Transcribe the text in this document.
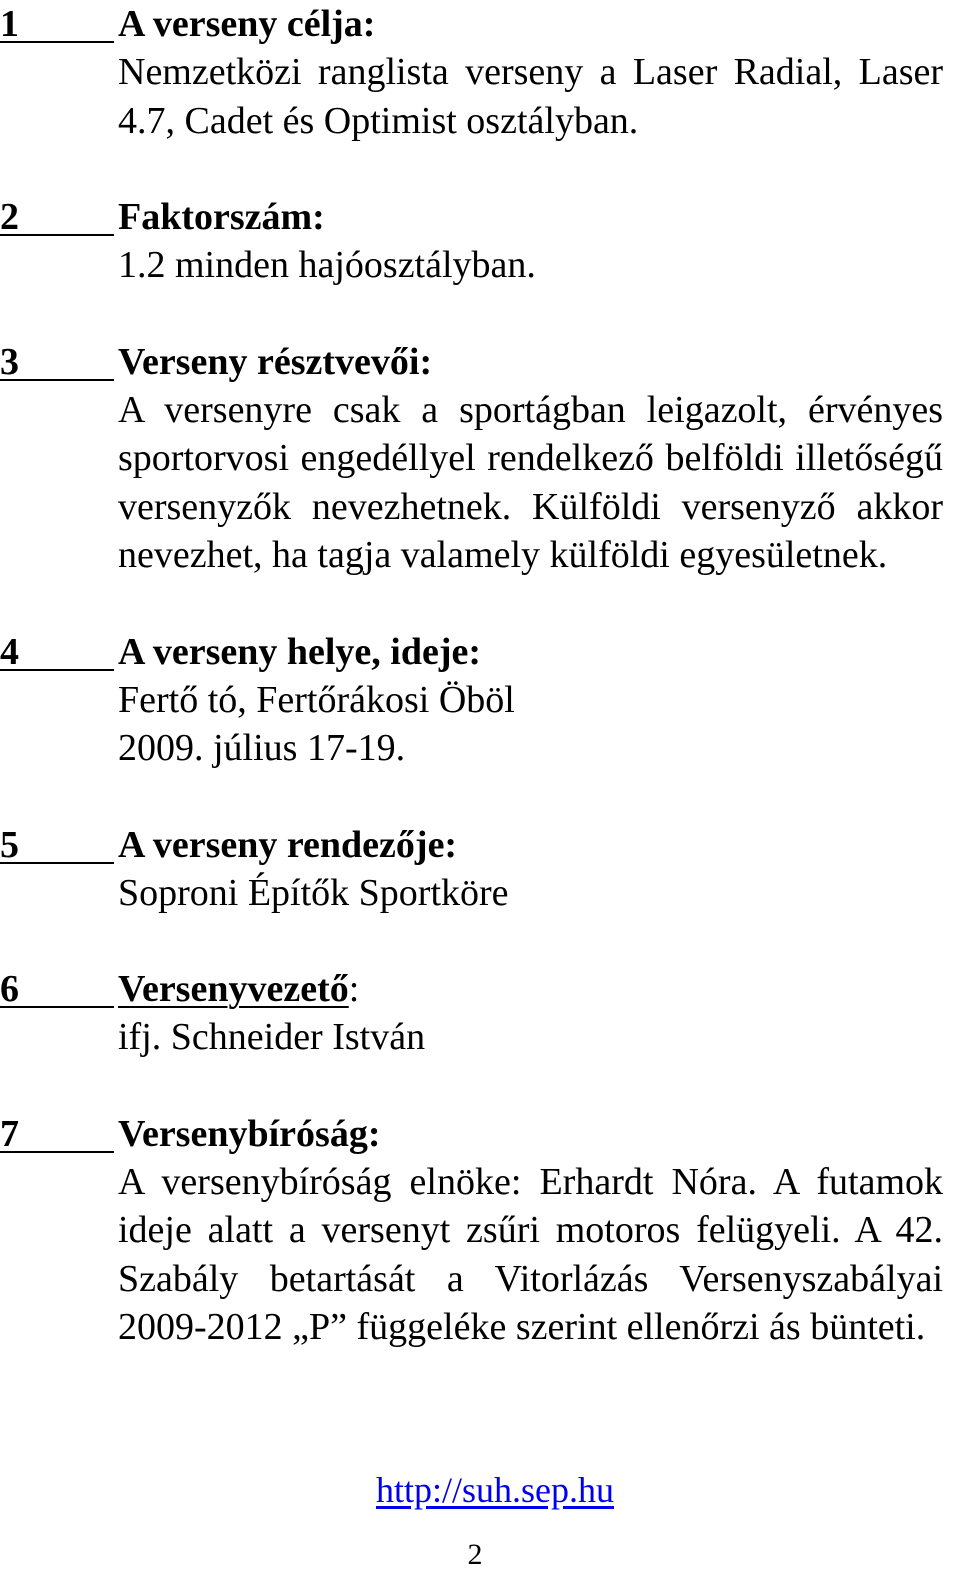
1	A verseny célja:
Nemzetközi ranglista verseny a Laser Radial, Laser 4.7, Cadet és Optimist osztályban.
2	Faktorszám:
1.2 minden hajóosztályban.
3	Verseny résztvevői:
A versenyre csak a sportágban leigazolt, érvényes sportorvosi engedéllyel rendelkező belföldi illetőségű versenyzők nevezhetnek. Külföldi versenyző akkor nevezhet, ha tagja valamely külföldi egyesületnek.
4	A verseny helye, ideje:
Fertő tó, Fertőrákosi Öböl
2009. július 17-19.
5	A verseny rendezője:
Soproni Építők Sportköre
6	Versenyvezető:
ifj. Schneider István
7	Versenybíróság:
A versenybíróság elnöke: Erhardt Nóra. A futamok ideje alatt a versenyt zsűri motoros felügyeli. A 42. Szabály betartását a Vitorlázás Versenyszabályai 2009-2012 „P” függeléke szerint ellenőrzi ás bünteti.
http://suh.sep.hu
2
